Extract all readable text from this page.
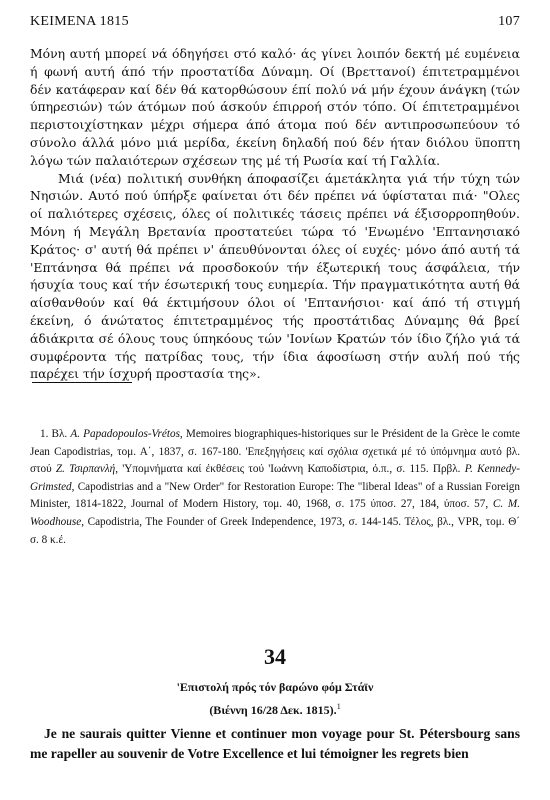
ΚΕΙΜΕΝΑ 1815	107

Μόνη αυτή μπορεί νά όδηγήσει στό καλό· άς γίνει λοιπόν δεκτή μέ ευμένεια ή φωνή αυτή άπό τήν προστατίδα Δύναμη. Οί (Βρεττανοί) έπιτετραμμένοι δέν κατάφεραν καί δέν θά κατορθώσουν έπί πολύ νά μήν έχουν άνάγκη (τών ύπηρεσιών) τών άτόμων πού άσκούν έπιρροή στόν τόπο. Οί έπιτετραμμένοι περιστοιχίστηκαν μέχρι σήμερα άπό άτομα πού δέν αντιπροσωπεύουν τό σύνολο άλλά μόνο μιά μερίδα, έκείνη δηλαδή πού δέν ήταν διόλου ϋποπτη λόγω τών παλαιότερων σχέσεων της μέ τή Ρωσία καί τή Γαλλία.

Μιά (νέα) πολιτική συνθήκη άποφασίζει άμετάκλητα γιά τήν τύχη τών Νησιών. Αυτό πού ύπήρξε φαίνεται ότι δέν πρέπει νά ύφίσταται πιά· "Ολες οί παλιότερες σχέσεις, όλες οί πολιτικές τάσεις πρέπει νά έξισορροπηθούν. Μόνη ή Μεγάλη Βρετανία προστατεύει τώρα τό 'Ενωμένο 'Επτανησιακό Κράτος· σ' αυτή θά πρέπει ν' άπευθύνονται όλες οί ευχές· μόνο άπό αυτή τά 'Επτάνησα θά πρέπει νά προσδοκούν τήν έξωτερική τους άσφάλεια, τήν ήσυχία τους καί τήν έσωτερική τους ευημερία. Τήν πραγματικότητα αυτή θά αίσθανθούν καί θά έκτιμήσουν όλοι οί 'Επτανήσιοι· καί άπό τή στιγμή έκείνη, ό άνώτατος έπιτετραμμένος τής προστάτιδας Δύναμης θά βρεί άδιάκριτα σέ όλους τους ύπηκόους τών 'Ιονίων Κρατών τόν ίδιο ζήλο γιά τά συμφέροντα τής πατρίδας τους, τήν ίδια άφοσίωση στήν αυλή πού τής παρέχει τήν ίσχυρή προστασία της».

1. Βλ. A. Papadopoulos-Vrétos, Memoires biographiques-historiques sur le Président de la Grèce le comte Jean Capodistrias, τομ. Α΄, 1837, σ. 167-180. 'Επεξηγήσεις καί σχόλια σχετικά μέ τό ύπόμνημα αυτό βλ. στού Ζ. Τσιρπανλή, 'Υπομνήματα καί έκθέσεις τού 'Ιωάννη Καποδίστρια, ό.π., σ. 115. Πρβλ. P. Kennedy-Grimsted, Capodistrias and a "New Order" for Restoration Europe: The "liberal Ideas" of a Russian Foreign Minister, 1814-1822, Journal of Modern History, τομ. 40, 1968, σ. 175 ύποσ. 27, 184, ύποσ. 57, C. M. Woodhouse, Capodistria, The Founder of Greek Independence, 1973, σ. 144-145. Τέλος, βλ., VPR, τομ. Θ΄ σ. 8 κ.έ.

34
'Επιστολή πρός τόν βαρώνο φόμ Στάϊν
(Βιέννη 16/28 Δεκ. 1815).$^1$

Je ne saurais quitter Vienne et continuer mon voyage pour St. Pétersbourg sans me rapeller au souvenir de Votre Excellence et lui témoigner les regrets bien
